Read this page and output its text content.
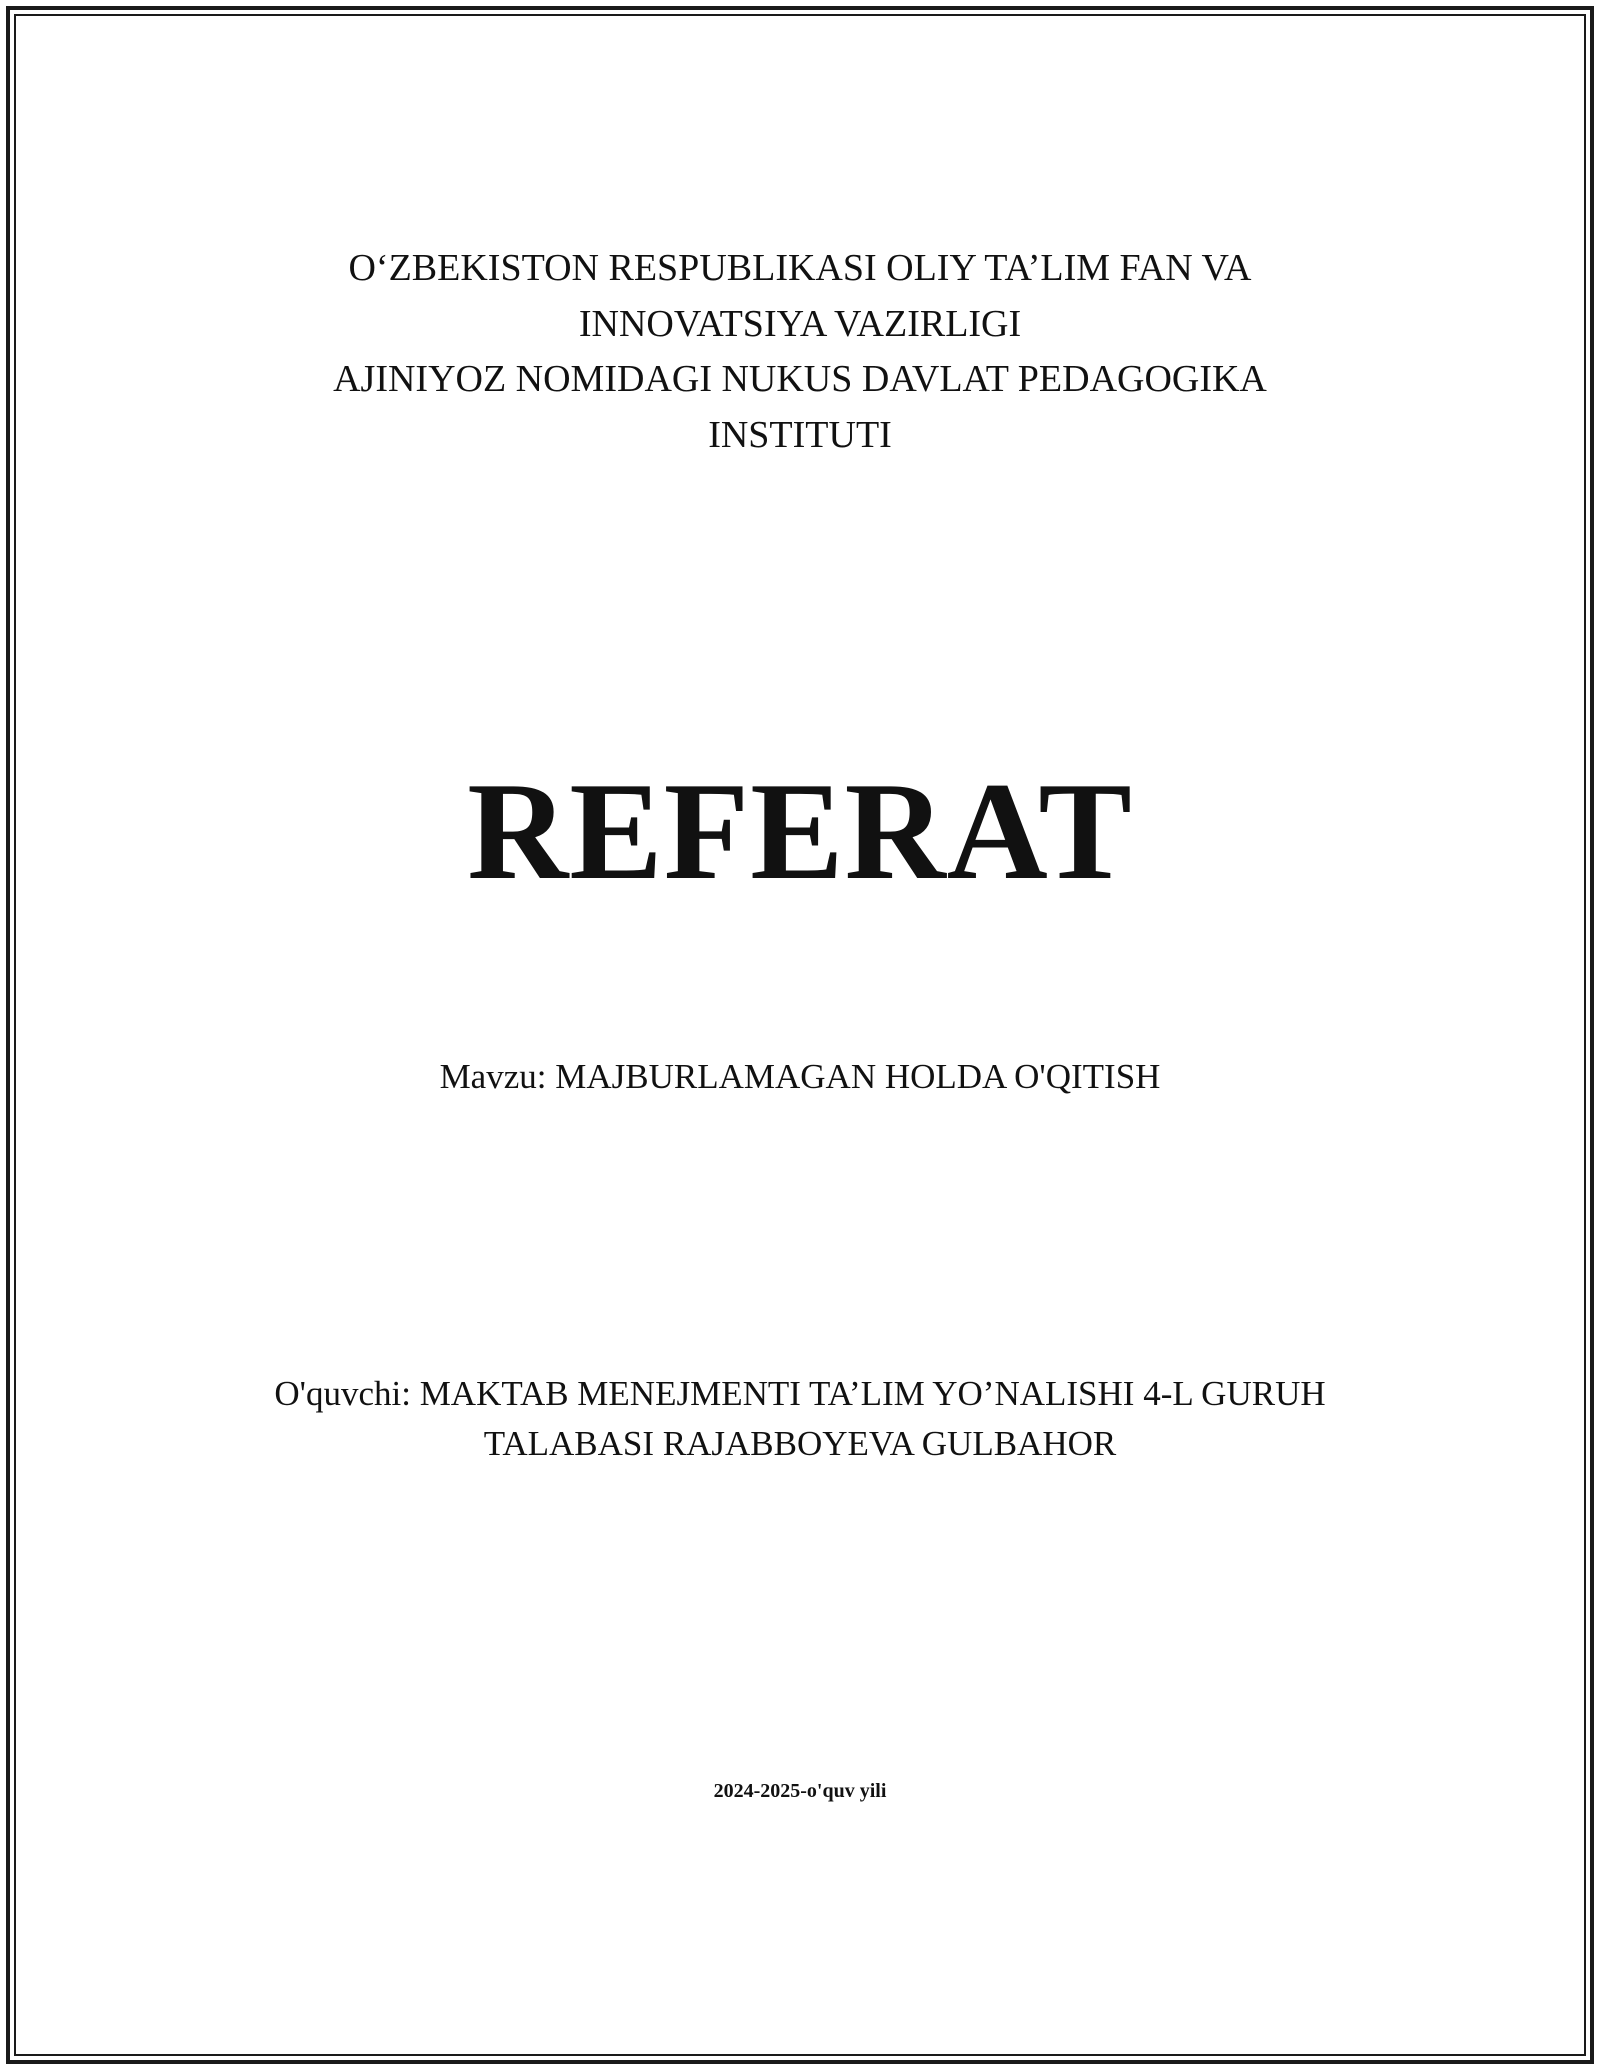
O‘ZBEKISTON RESPUBLIKASI OLIY TA’LIM FAN VA
INNOVATSIYA VAZIRLIGI
AJINIYOZ NOMIDAGI NUKUS DAVLAT PEDAGOGIKA
INSTITUTI
REFERAT
Mavzu: MAJBURLAMAGAN HOLDA O'QITISH
O'quvchi: MAKTAB MENEJMENTI TA’LIM YO’NALISHI 4-L GURUH
TALABASI RAJABBOYEVA GULBAHOR
2024-2025-o'quv yili
